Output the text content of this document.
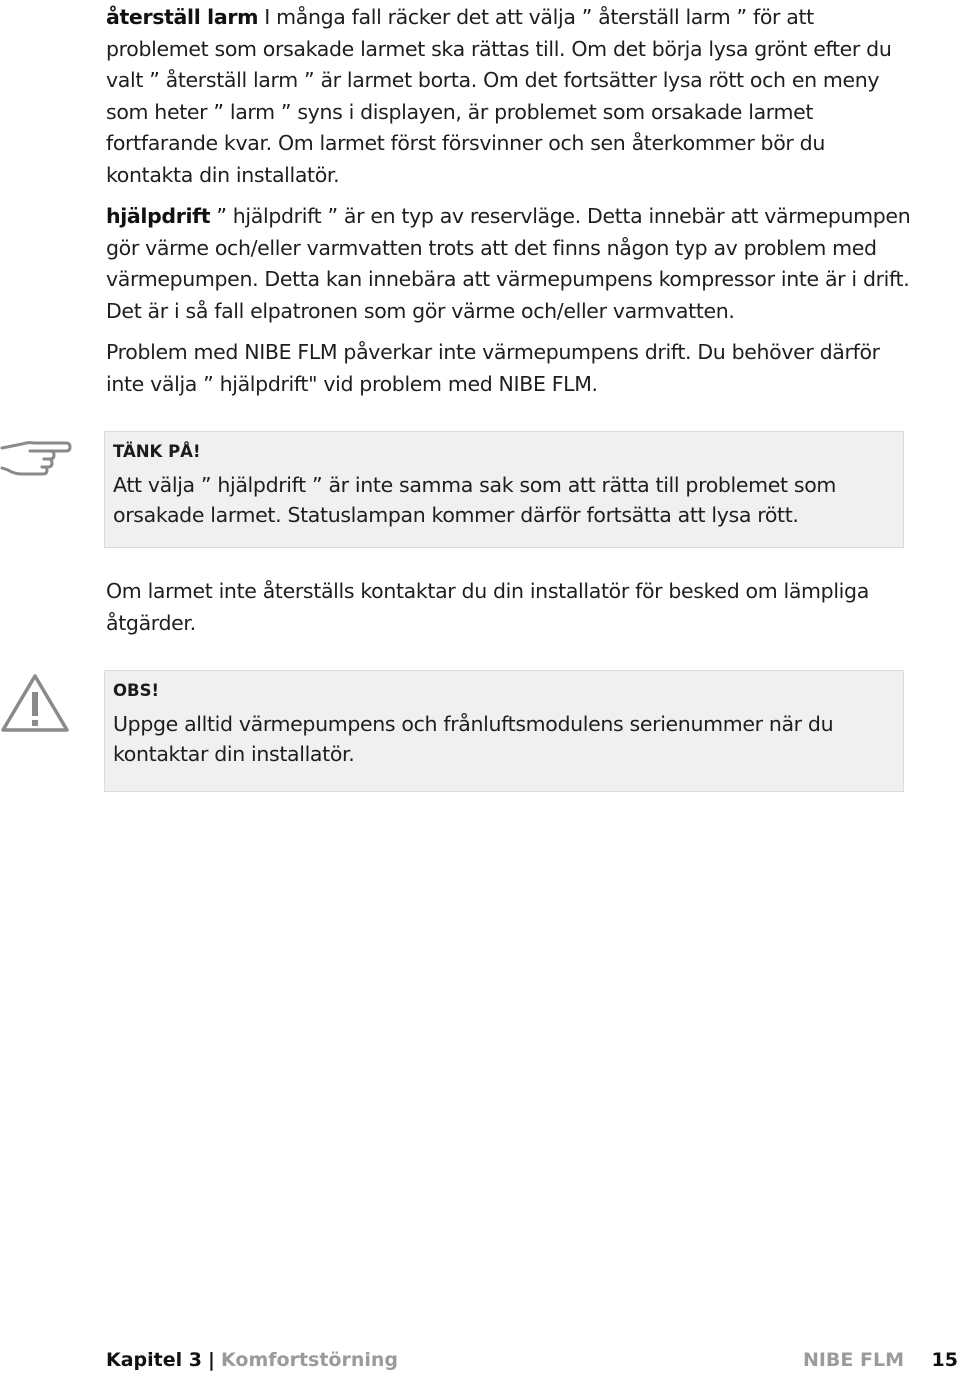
återställ larm I många fall räcker det att välja ” återställ larm ” för att problemet som orsakade larmet ska rättas till. Om det börja lysa grönt efter du valt ” återställ larm ” är larmet borta. Om det fortsätter lysa rött och en meny som heter ” larm ” syns i displayen, är problemet som orsakade larmet fortfarande kvar. Om larmet först försvinner och sen återkommer bör du kontakta din installatör.

hjälpdrift ” hjälpdrift ” är en typ av reservläge. Detta innebär att värmepumpen gör värme och/eller varmvatten trots att det finns någon typ av problem med värmepumpen. Detta kan innebära att värmepumpens kompressor inte är i drift. Det är i så fall elpatronen som gör värme och/eller varmvatten.

Problem med NIBE FLM påverkar inte värmepumpens drift. Du behöver därför inte välja ” hjälpdrift" vid problem med NIBE FLM.

TÄNK PÅ!

Att välja ” hjälpdrift ” är inte samma sak som att rätta till problemet som orsakade larmet. Statuslampan kommer därför fortsätta att lysa rött.

Om larmet inte återställs kontaktar du din installatör för besked om lämpliga åtgärder.

OBS!

Uppge alltid värmepumpens och frånluftsmodulens serienummer när du kontaktar din installatör.

Kapitel 3 | Komfortstörning	NIBE FLM 15
